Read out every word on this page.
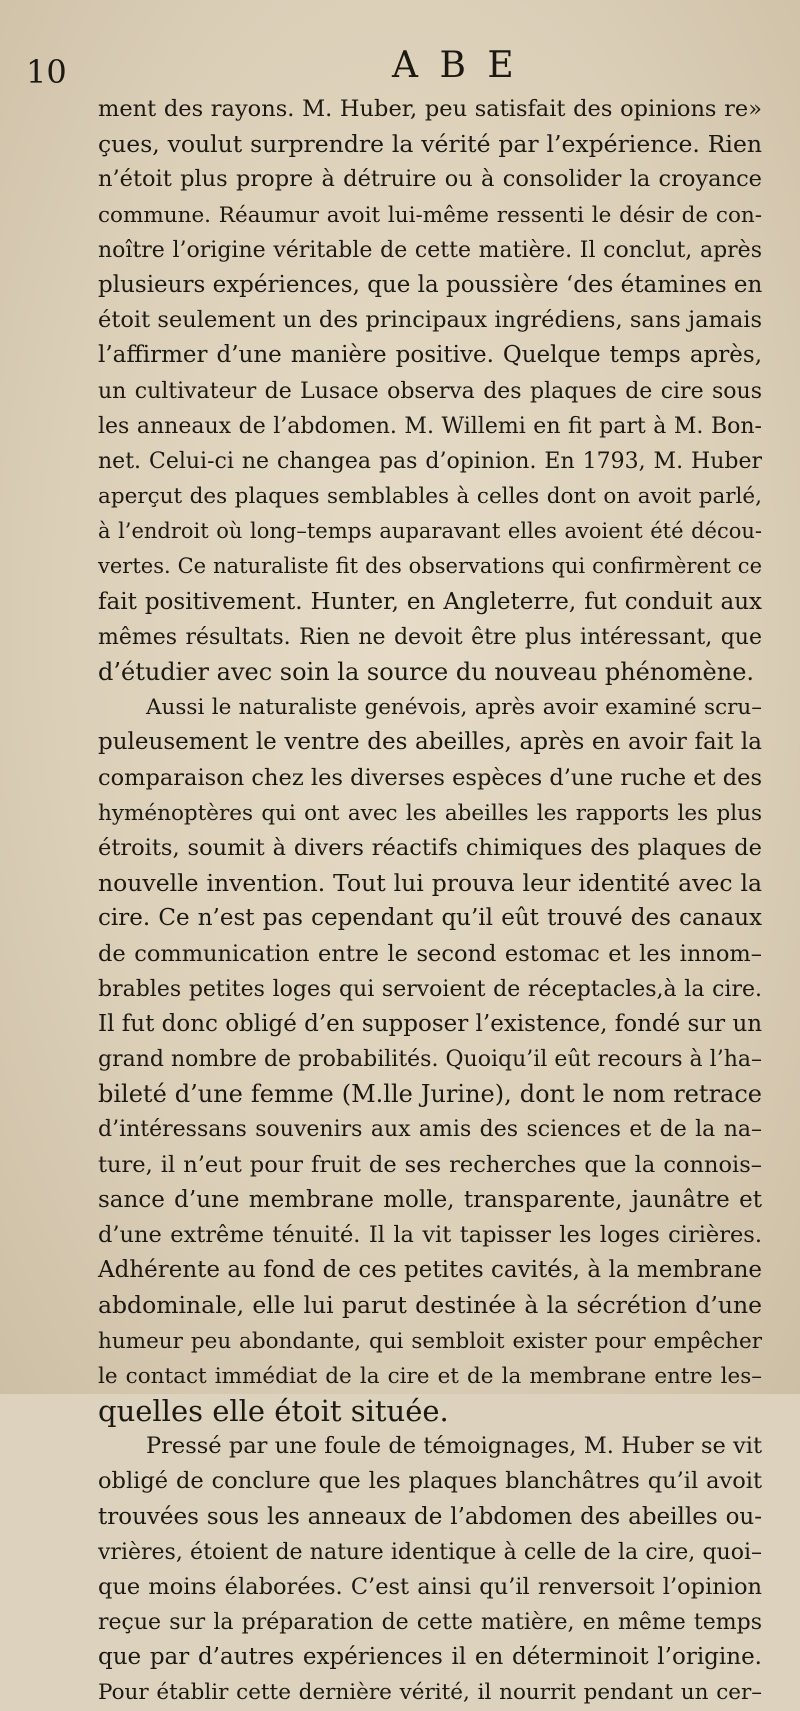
10	A B E
ment des rayons. M. Huber, peu satisfait des opinions re»
çues, voulut surprendre la vérité par l’expérience. Rien
n’étoit plus propre à détruire ou à consolider la croyance
commune. Réaumur avoit lui-même ressenti le désir de con-
noître l’origine véritable de cette matière. Il conclut, après
plusieurs expériences, que la poussière ‘des étamines en
étoit seulement un des principaux ingrédiens, sans jamais
l’affirmer d’une manière positive. Quelque temps après,
un cultivateur de Lusace observa des plaques de cire sous
les anneaux de l’abdomen. M. Willemi en fit part à M. Bon-
net. Celui-ci ne changea pas d’opinion. En 1793, M. Huber
aperçut des plaques semblables à celles dont on avoit parlé,
à l’endroit où long–temps auparavant elles avoient été décou-
vertes. Ce naturaliste fit des observations qui confirmèrent ce
fait positivement. Hunter, en Angleterre, fut conduit aux
mêmes résultats. Rien ne devoit être plus intéressant, que
d’étudier avec soin la source du nouveau phénomène.
Aussi le naturaliste genévois, après avoir examiné scru–
puleusement le ventre des abeilles, après en avoir fait la
comparaison chez les diverses espèces d’une ruche et des
hyménoptères qui ont avec les abeilles les rapports les plus
étroits, soumit à divers réactifs chimiques des plaques de
nouvelle invention. Tout lui prouva leur identité avec la
cire. Ce n’est pas cependant qu’il eût trouvé des canaux
de communication entre le second estomac et les innom–
brables petites loges qui servoient de réceptacles,à la cire.
Il fut donc obligé d’en supposer l’existence, fondé sur un
grand nombre de probabilités. Quoiqu’il eût recours à l’ha–
bileté d’une femme (M.lle Jurine), dont le nom retrace
d’intéressans souvenirs aux amis des sciences et de la na–
ture, il n’eut pour fruit de ses recherches que la connois–
sance d’une membrane molle, transparente, jaunâtre et
d’une extrême ténuité. Il la vit tapisser les loges cirières.
Adhérente au fond de ces petites cavités, à la membrane
abdominale, elle lui parut destinée à la sécrétion d’une
humeur peu abondante, qui sembloit exister pour empêcher
le contact immédiat de la cire et de la membrane entre les–
quelles elle étoit située.
Pressé par une foule de témoignages, M. Huber se vit
obligé de conclure que les plaques blanchâtres qu’il avoit
trouvées sous les anneaux de l’abdomen des abeilles ou-
vrières, étoient de nature identique à celle de la cire, quoi–
que moins élaborées. C’est ainsi qu’il renversoit l’opinion
reçue sur la préparation de cette matière, en même temps
que par d’autres expériences il en déterminoit l’origine.
Pour établir cette dernière vérité, il nourrit pendant un cer–
